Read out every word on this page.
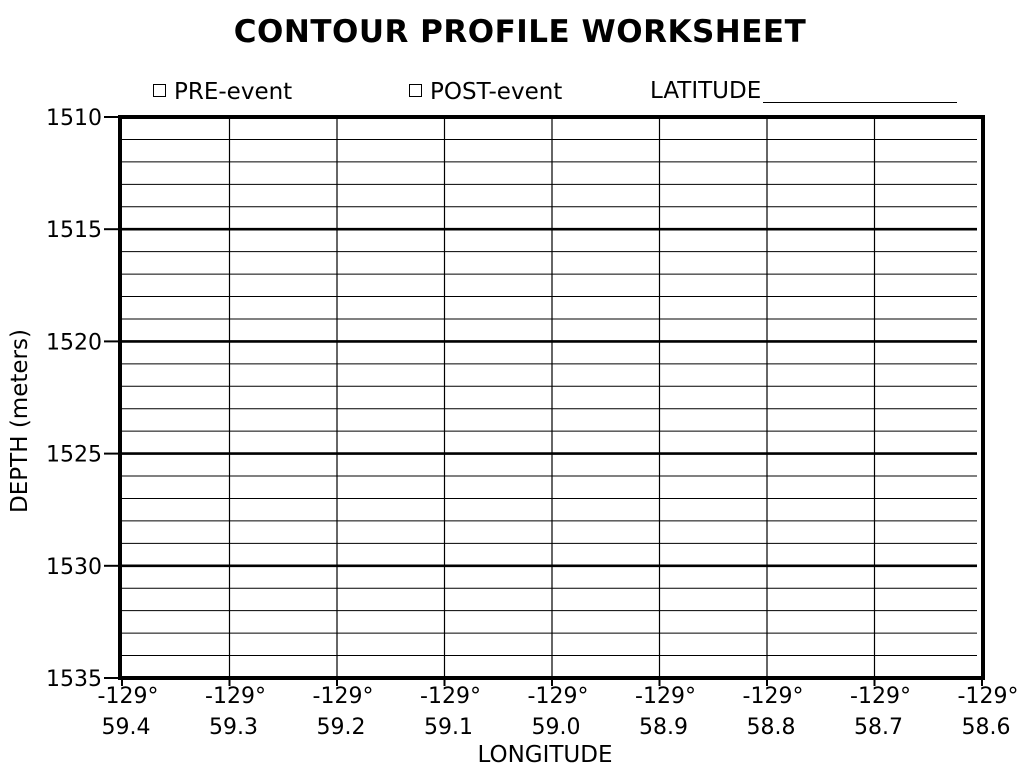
CONTOUR PROFILE WORKSHEET
PRE-event	POST-event	LATITUDE
1510
1515
1520
1525
1530
1535
-129°
59.4
-129°
59.3
-129°
59.2
-129°
59.1
-129°
59.0
-129°
58.9
-129°
58.8
-129°
58.7
-129°
58.6
LONGITUDE
DEPTH (meters)
